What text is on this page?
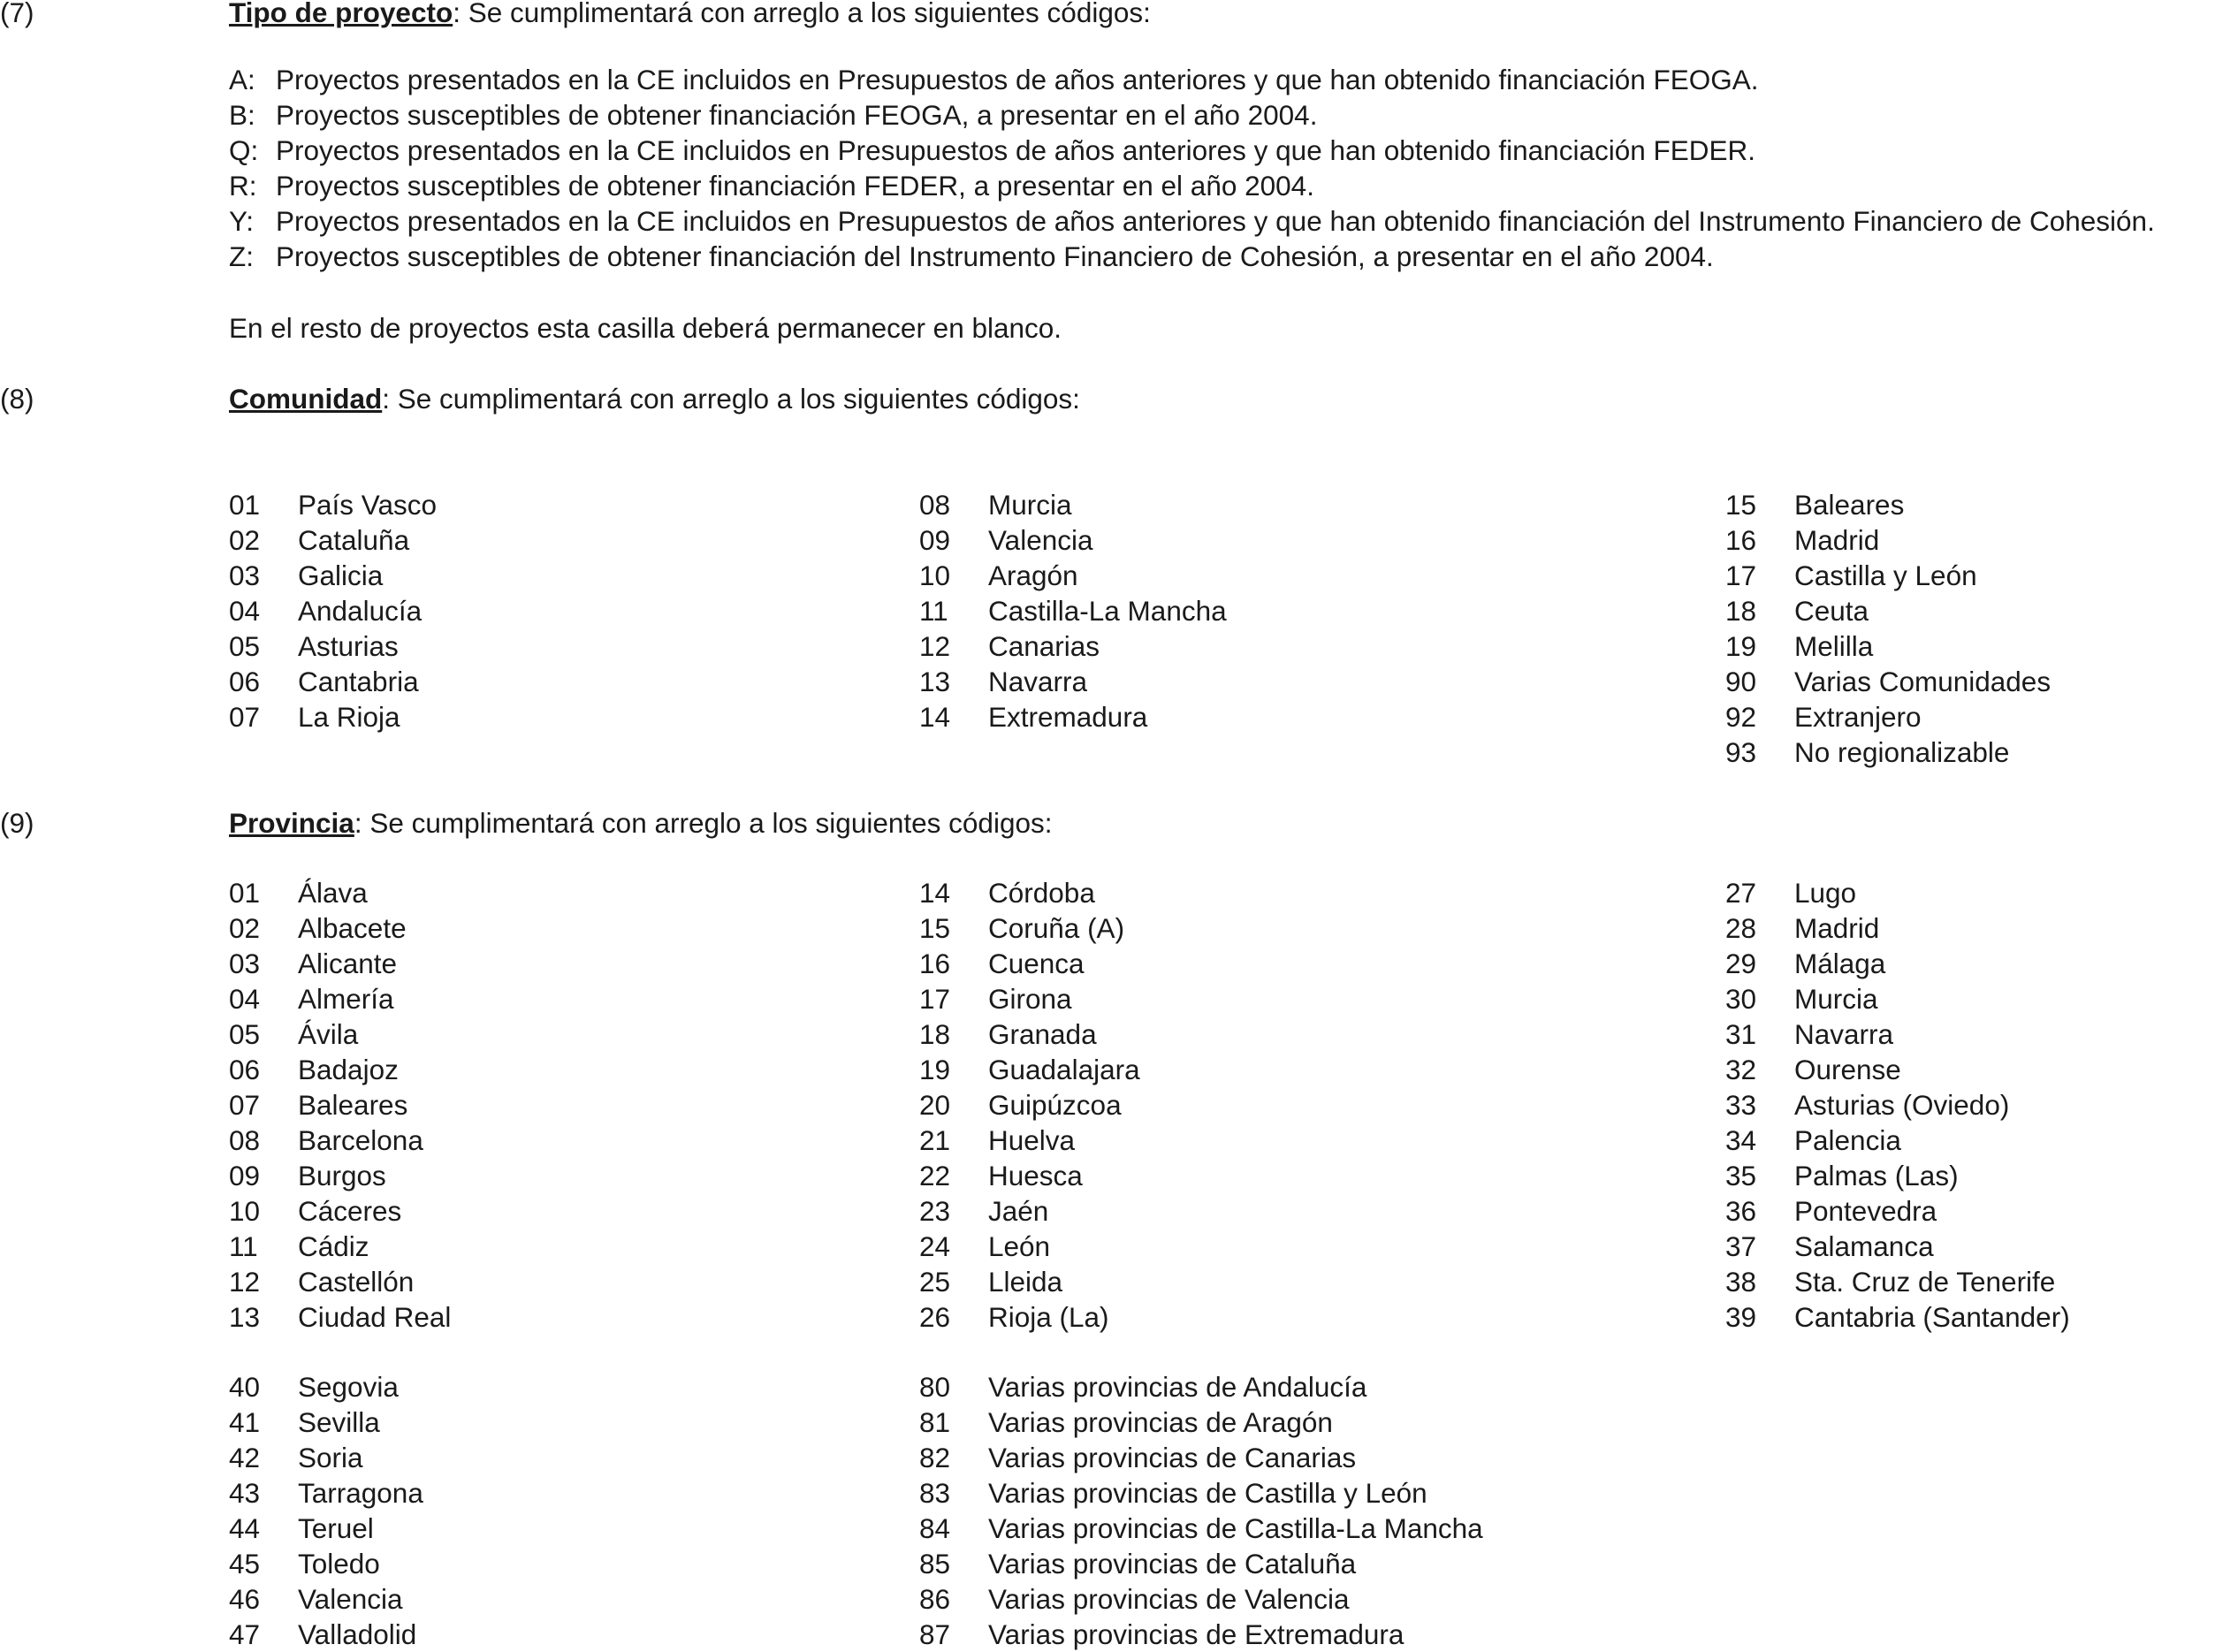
(7)	Tipo de proyecto: Se cumplimentará con arreglo a los siguientes códigos:
A: Proyectos presentados en la CE incluidos en Presupuestos de años anteriores y que han obtenido financiación FEOGA.
B: Proyectos susceptibles de obtener financiación FEOGA, a presentar en el año 2004.
Q: Proyectos presentados en la CE incluidos en Presupuestos de años anteriores y que han obtenido financiación FEDER.
R: Proyectos susceptibles de obtener financiación FEDER, a presentar en el año 2004.
Y: Proyectos presentados en la CE incluidos en Presupuestos de años anteriores y que han obtenido financiación del Instrumento Financiero de Cohesión.
Z: Proyectos susceptibles de obtener financiación del Instrumento Financiero de Cohesión, a presentar en el año 2004.
En el resto de proyectos esta casilla deberá permanecer en blanco.
(8)	Comunidad: Se cumplimentará con arreglo a los siguientes códigos:
01 País Vasco
02 Cataluña
03 Galicia
04 Andalucía
05 Asturias
06 Cantabria
07 La Rioja
08 Murcia
09 Valencia
10 Aragón
11 Castilla-La Mancha
12 Canarias
13 Navarra
14 Extremadura
15 Baleares
16 Madrid
17 Castilla y León
18 Ceuta
19 Melilla
90 Varias Comunidades
92 Extranjero
93 No regionalizable
(9)	Provincia: Se cumplimentará con arreglo a los siguientes códigos:
01 Álava
02 Albacete
03 Alicante
04 Almería
05 Ávila
06 Badajoz
07 Baleares
08 Barcelona
09 Burgos
10 Cáceres
11 Cádiz
12 Castellón
13 Ciudad Real
14 Córdoba
15 Coruña (A)
16 Cuenca
17 Girona
18 Granada
19 Guadalajara
20 Guipúzcoa
21 Huelva
22 Huesca
23 Jaén
24 León
25 Lleida
26 Rioja (La)
27 Lugo
28 Madrid
29 Málaga
30 Murcia
31 Navarra
32 Ourense
33 Asturias (Oviedo)
34 Palencia
35 Palmas (Las)
36 Pontevedra
37 Salamanca
38 Sta. Cruz de Tenerife
39 Cantabria (Santander)
40 Segovia
41 Sevilla
42 Soria
43 Tarragona
44 Teruel
45 Toledo
46 Valencia
47 Valladolid
80 Varias provincias de Andalucía
81 Varias provincias de Aragón
82 Varias provincias de Canarias
83 Varias provincias de Castilla y León
84 Varias provincias de Castilla-La Mancha
85 Varias provincias de Cataluña
86 Varias provincias de Valencia
87 Varias provincias de Extremadura
